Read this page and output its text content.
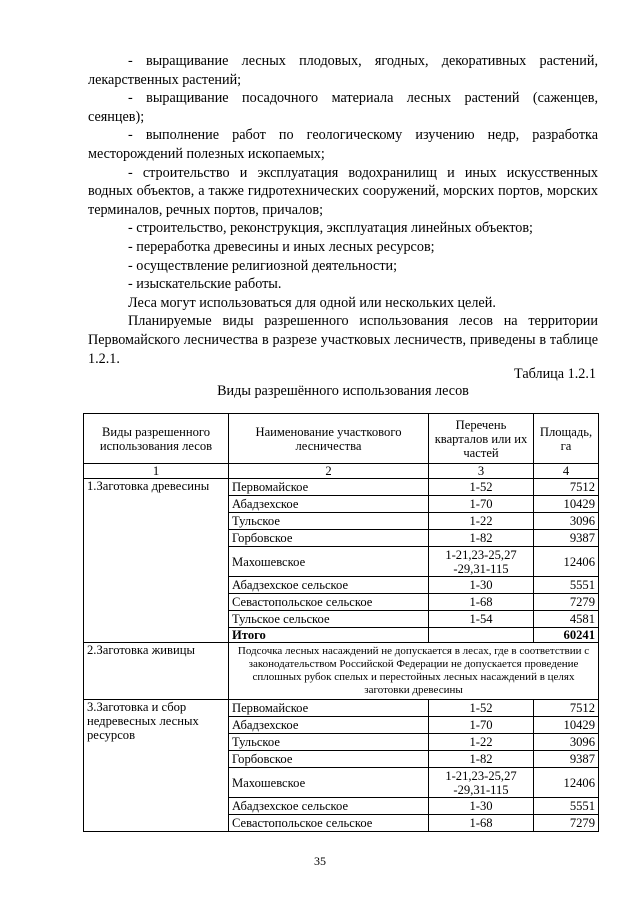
- выращивание лесных плодовых, ягодных, декоративных растений, лекарственных растений;

- выращивание посадочного материала лесных растений (саженцев, сеянцев);

- выполнение работ по геологическому изучению недр, разработка месторождений полезных ископаемых;

- строительство и эксплуатация водохранилищ и иных искусственных водных объектов, а также гидротехнических сооружений, морских портов, морских терминалов, речных портов, причалов;

- строительство, реконструкция, эксплуатация линейных объектов;

- переработка древесины и иных лесных ресурсов;

- осуществление религиозной деятельности;

- изыскательские работы.

Леса могут использоваться для одной или нескольких целей.

Планируемые виды разрешенного использования лесов на территории Первомайского лесничества в разрезе участковых лесничеств, приведены в таблице 1.2.1.

Таблица 1.2.1
Виды разрешённого использования лесов
Виды разрешенного использования лесов	Наименование участкового лесничества	Перечень кварталов или их частей	Площадь, га
1	2	3	4
1.Заготовка древесины	Первомайское	1-52	7512
	Абадзехское	1-70	10429
	Тульское	1-22	3096
	Горбовское	1-82	9387
	Махошевское	1-21,23-25,27 -29,31-115	12406
	Абадзехское сельское	1-30	5551
	Севастопольское сельское	1-68	7279
	Тульское сельское	1-54	4581
	Итого		60241
2.Заготовка живицы	Подсочка лесных насаждений не допускается в лесах, где в соответствии с законодательством Российской Федерации не допускается проведение сплошных рубок спелых и перестойных лесных насаждений в целях заготовки древесины		
3.Заготовка и сбор недревесных лесных ресурсов	Первомайское	1-52	7512
	Абадзехское	1-70	10429
	Тульское	1-22	3096
	Горбовское	1-82	9387
	Махошевское	1-21,23-25,27 -29,31-115	12406
	Абадзехское сельское	1-30	5551
	Севастопольское сельское	1-68	7279
35
